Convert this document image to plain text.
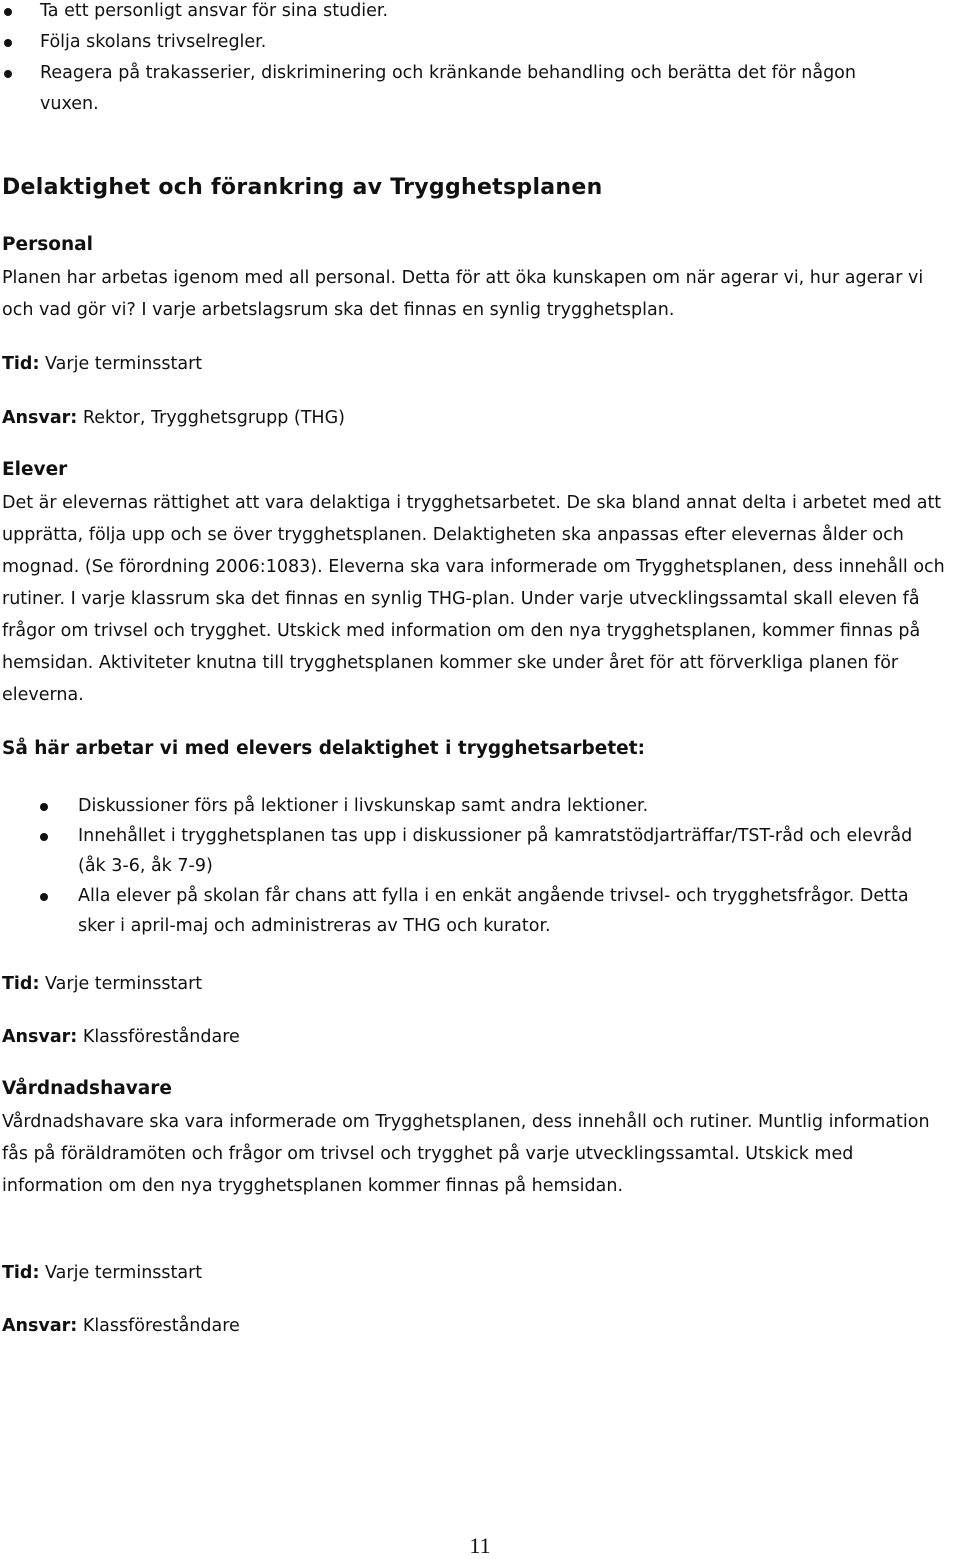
Ta ett personligt ansvar för sina studier.
Följa skolans trivselregler.
Reagera på trakasserier, diskriminering och kränkande behandling och berätta det för någon vuxen.
Delaktighet och förankring av Trygghetsplanen
Personal

Planen har arbetas igenom med all personal. Detta för att öka kunskapen om när agerar vi, hur agerar vi och vad gör vi? I varje arbetslagsrum ska det finnas en synlig trygghetsplan.

Tid: Varje terminsstart
Ansvar: Rektor, Trygghetsgrupp (THG)
Elever

Det är elevernas rättighet att vara delaktiga i trygghetsarbetet. De ska bland annat delta i arbetet med att upprätta, följa upp och se över trygghetsplanen. Delaktigheten ska anpassas efter elevernas ålder och mognad. (Se förordning 2006:1083). Eleverna ska vara informerade om Trygghetsplanen, dess innehåll och rutiner. I varje klassrum ska det finnas en synlig THG-plan. Under varje utvecklingssamtal skall eleven få frågor om trivsel och trygghet. Utskick med information om den nya trygghetsplanen, kommer finnas på hemsidan. Aktiviteter knutna till trygghetsplanen kommer ske under året för att förverkliga planen för eleverna.

Så här arbetar vi med elevers delaktighet i trygghetsarbetet:
Diskussioner förs på lektioner i livskunskap samt andra lektioner.
Innehållet i trygghetsplanen tas upp i diskussioner på kamratstödjarträffar/TST-råd och elevråd (åk 3-6, åk 7-9)
Alla elever på skolan får chans att fylla i en enkät angående trivsel- och trygghetsfrågor. Detta sker i april-maj och administreras av THG och kurator.
Tid: Varje terminsstart
Ansvar: Klassföreståndare
Vårdnadshavare

Vårdnadshavare ska vara informerade om Trygghetsplanen, dess innehåll och rutiner. Muntlig information fås på föräldramöten och frågor om trivsel och trygghet på varje utvecklingssamtal. Utskick med information om den nya trygghetsplanen kommer finnas på hemsidan.

Tid: Varje terminsstart
Ansvar: Klassföreståndare
11
